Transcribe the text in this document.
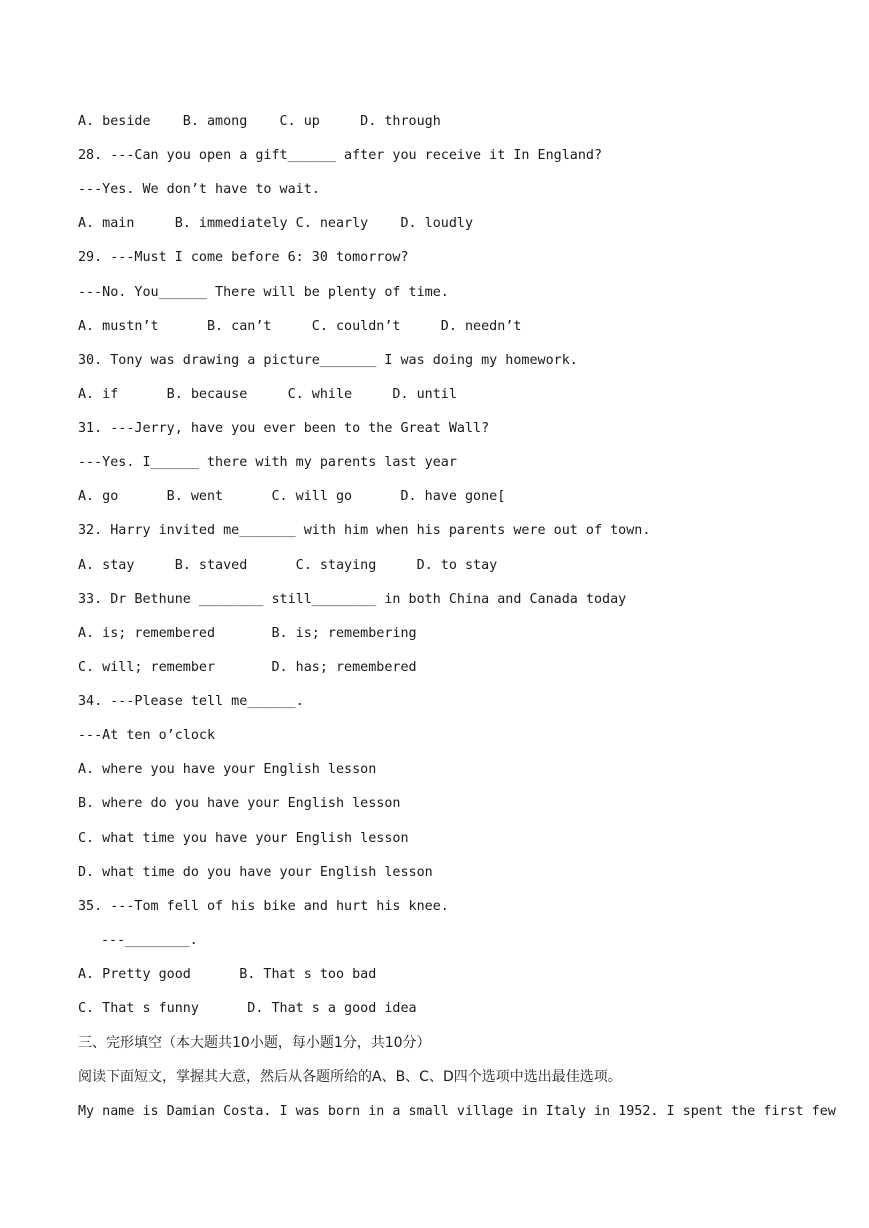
A. beside    B. among    C. up     D. through
28. ---Can you open a gift______ after you receive it In England?
---Yes. We don’t have to wait.
A. main     B. immediately C. nearly    D. loudly
29. ---Must I come before 6: 30 tomorrow?
---No. You______ There will be plenty of time.
A. mustn’t      B. can’t     C. couldn’t     D. needn’t
30. Tony was drawing a picture_______ I was doing my homework.
A. if      B. because     C. while     D. until
31. ---Jerry, have you ever been to the Great Wall?
---Yes. I______ there with my parents last year
A. go      B. went      C. will go      D. have gone[
32. Harry invited me_______ with him when his parents were out of town.
A. stay     B. staved      C. staying     D. to stay
33. Dr Bethune ________ still________ in both China and Canada today
A. is; remembered       B. is; remembering
C. will; remember       D. has; remembered
34. ---Please tell me______.
---At ten o’clock
A. where you have your English lesson
B. where do you have your English lesson
C. what time you have your English lesson
D. what time do you have your English lesson
35. ---Tom fell of his bike and hurt his knee.
---________.
A. Pretty good      B. That s too bad
C. That s funny      D. That s a good idea
三、完形填空（本大题共10小题，每小题1分，共10分）
阅读下面短文，掌握其大意，然后从各题所给的A、B、C、D四个选项中选出最佳选项。
My name is Damian Costa. I was born in a small village in Italy in 1952. I spent the first few
